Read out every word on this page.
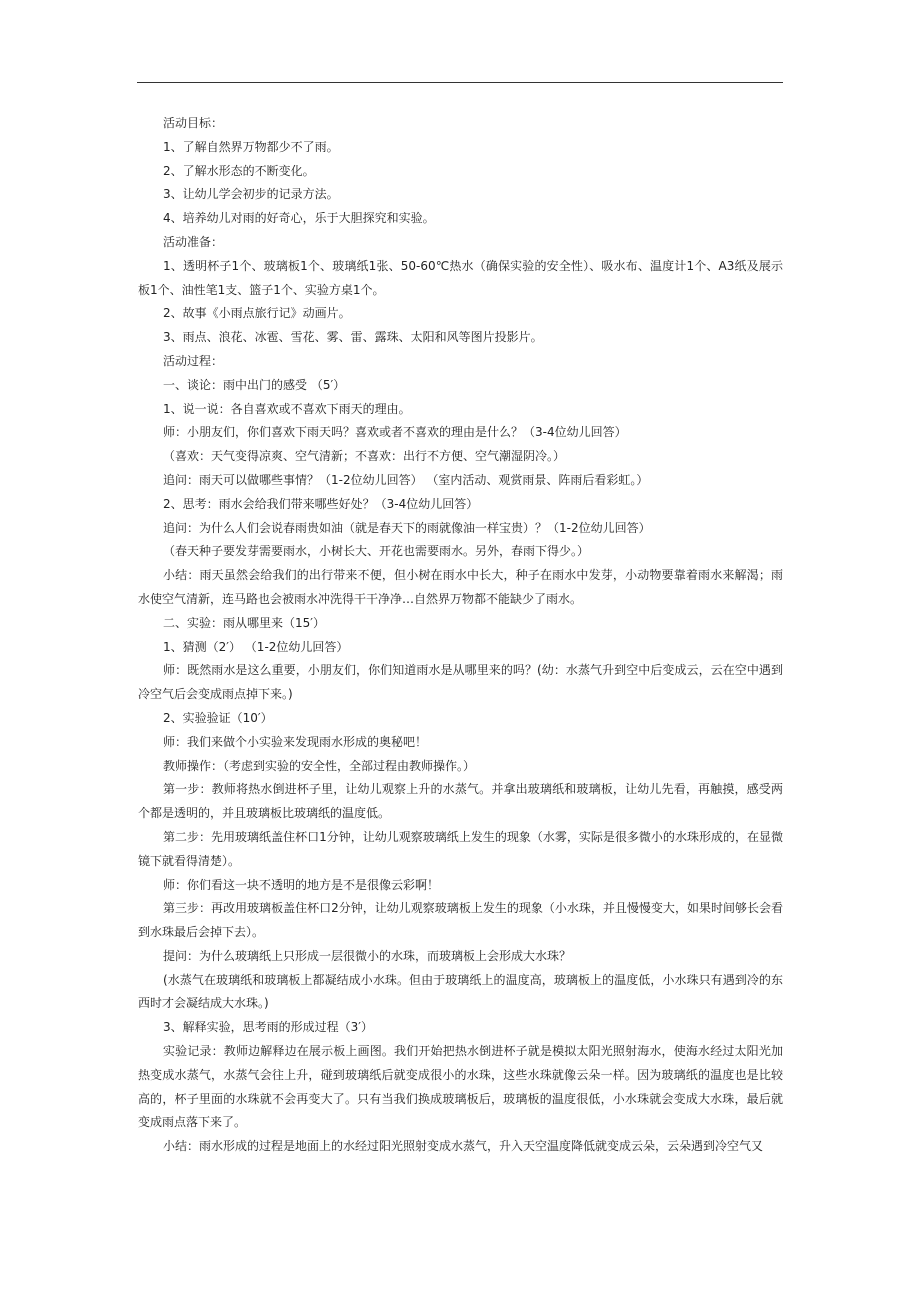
活动目标：

1、了解自然界万物都少不了雨。

2、了解水形态的不断变化。

3、让幼儿学会初步的记录方法。

4、培养幼儿对雨的好奇心，乐于大胆探究和实验。

活动准备：

1、透明杯子1个、玻璃板1个、玻璃纸1张、50-60℃热水（确保实验的安全性）、吸水布、温度计1个、A3纸及展示板1个、油性笔1支、篮子1个、实验方桌1个。

2、故事《小雨点旅行记》动画片。

3、雨点、浪花、冰雹、雪花、雾、雷、露珠、太阳和风等图片投影片。

活动过程：

一、谈论：雨中出门的感受 （5′）

1、说一说：各自喜欢或不喜欢下雨天的理由。

师：小朋友们，你们喜欢下雨天吗？喜欢或者不喜欢的理由是什么？（3-4位幼儿回答）

（喜欢：天气变得凉爽、空气清新；不喜欢：出行不方便、空气潮湿阴冷。）

追问：雨天可以做哪些事情？（1-2位幼儿回答） （室内活动、观赏雨景、阵雨后看彩虹。）

2、思考：雨水会给我们带来哪些好处？（3-4位幼儿回答）

追问：为什么人们会说春雨贵如油（就是春天下的雨就像油一样宝贵）？（1-2位幼儿回答）

（春天种子要发芽需要雨水，小树长大、开花也需要雨水。另外，春雨下得少。）

小结：雨天虽然会给我们的出行带来不便，但小树在雨水中长大，种子在雨水中发芽，小动物要靠着雨水来解渴；雨水使空气清新，连马路也会被雨水冲洗得干干净净…自然界万物都不能缺少了雨水。

二、实验：雨从哪里来（15′）

1、猜测（2′） （1-2位幼儿回答）

师：既然雨水是这么重要，小朋友们，你们知道雨水是从哪里来的吗？(幼：水蒸气升到空中后变成云，云在空中遇到冷空气后会变成雨点掉下来。)

2、实验验证（10′）

师：我们来做个小实验来发现雨水形成的奥秘吧！

教师操作：（考虑到实验的安全性，全部过程由教师操作。）

第一步：教师将热水倒进杯子里，让幼儿观察上升的水蒸气。并拿出玻璃纸和玻璃板，让幼儿先看，再触摸，感受两个都是透明的，并且玻璃板比玻璃纸的温度低。

第二步：先用玻璃纸盖住杯口1分钟，让幼儿观察玻璃纸上发生的现象（水雾，实际是很多微小的水珠形成的，在显微镜下就看得清楚）。

师：你们看这一块不透明的地方是不是很像云彩啊！

第三步：再改用玻璃板盖住杯口2分钟，让幼儿观察玻璃板上发生的现象（小水珠，并且慢慢变大，如果时间够长会看到水珠最后会掉下去）。

提问：为什么玻璃纸上只形成一层很微小的水珠，而玻璃板上会形成大水珠？

(水蒸气在玻璃纸和玻璃板上都凝结成小水珠。但由于玻璃纸上的温度高，玻璃板上的温度低，小水珠只有遇到冷的东西时才会凝结成大水珠。)

3、解释实验，思考雨的形成过程（3′）

实验记录：教师边解释边在展示板上画图。我们开始把热水倒进杯子就是模拟太阳光照射海水，使海水经过太阳光加热变成水蒸气，水蒸气会往上升，碰到玻璃纸后就变成很小的水珠，这些水珠就像云朵一样。因为玻璃纸的温度也是比较高的，杯子里面的水珠就不会再变大了。只有当我们换成玻璃板后，玻璃板的温度很低，小水珠就会变成大水珠，最后就变成雨点落下来了。

小结：雨水形成的过程是地面上的水经过阳光照射变成水蒸气，升入天空温度降低就变成云朵，云朵遇到冷空气又
